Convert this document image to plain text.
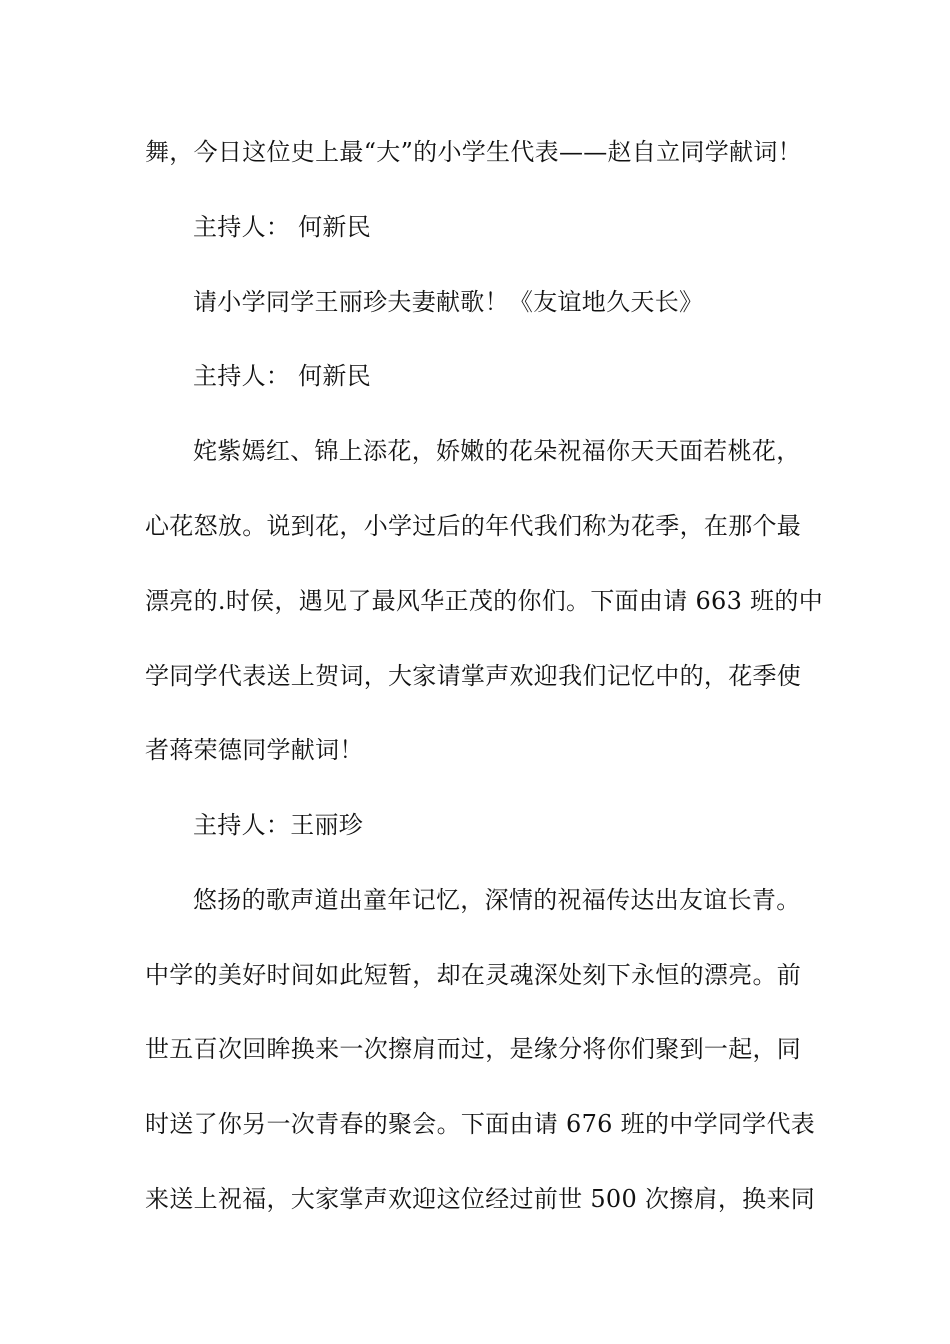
舞，今日这位史上最“大”的小学生代表——赵自立同学献词！
主持人： 何新民
请小学同学王丽珍夫妻献歌！《友谊地久天长》
主持人： 何新民
姹紫嫣红、锦上添花，娇嫩的花朵祝福你天天面若桃花，
心花怒放。说到花，小学过后的年代我们称为花季，在那个最
漂亮的.时侯，遇见了最风华正茂的你们。下面由请 663 班的中
学同学代表送上贺词，大家请掌声欢迎我们记忆中的，花季使
者蒋荣德同学献词！
主持人：王丽珍
悠扬的歌声道出童年记忆，深情的祝福传达出友谊长青。
中学的美好时间如此短暂，却在灵魂深处刻下永恒的漂亮。前
世五百次回眸换来一次擦肩而过，是缘分将你们聚到一起，同
时送了你另一次青春的聚会。下面由请 676 班的中学同学代表
来送上祝福，大家掌声欢迎这位经过前世 500 次擦肩，换来同
